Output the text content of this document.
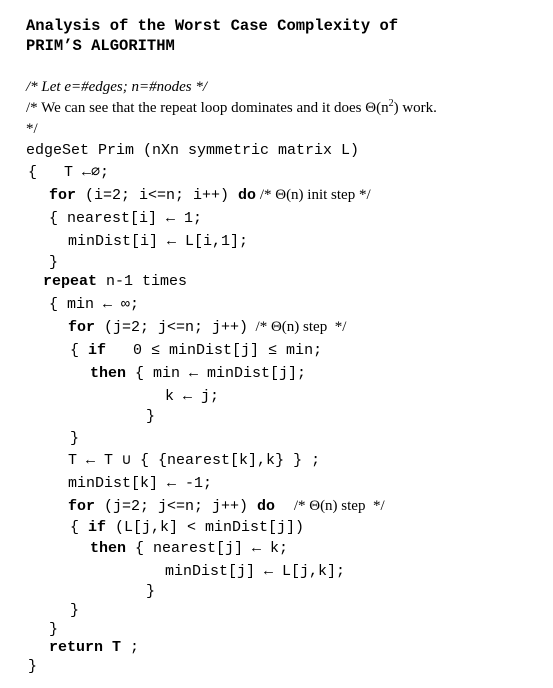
Analysis of the Worst Case Complexity of
PRIM’S ALGORITHM
/* Let e=#edges; n=#nodes */
/* We can see that the repeat loop dominates and it does $\Theta(n^2)$ work.
*/
edgeSet Prim (nXn symmetric matrix L)
{   T ←∅;
for (i=2; i<=n; i++) do /* Θ(n) init step */
{ nearest[i] ← 1;
minDist[i] ← L[i,1];
}
repeat n-1 times
{ min ← ∞;
for (j=2; j<=n; j++)  /* Θ(n) step  */
{ if   0 ≤ minDist[j] ≤ min;
then { min ← minDist[j];
k ← j;
}
}
T ← T ∪ { {nearest[k],k} } ;
minDist[k] ← -1;
for (j=2; j<=n; j++) do     /* Θ(n) step  */
{ if (L[j,k] < minDist[j])
then { nearest[j] ← k;
minDist[j] ← L[j,k];
}
}
}
return T ;
}
